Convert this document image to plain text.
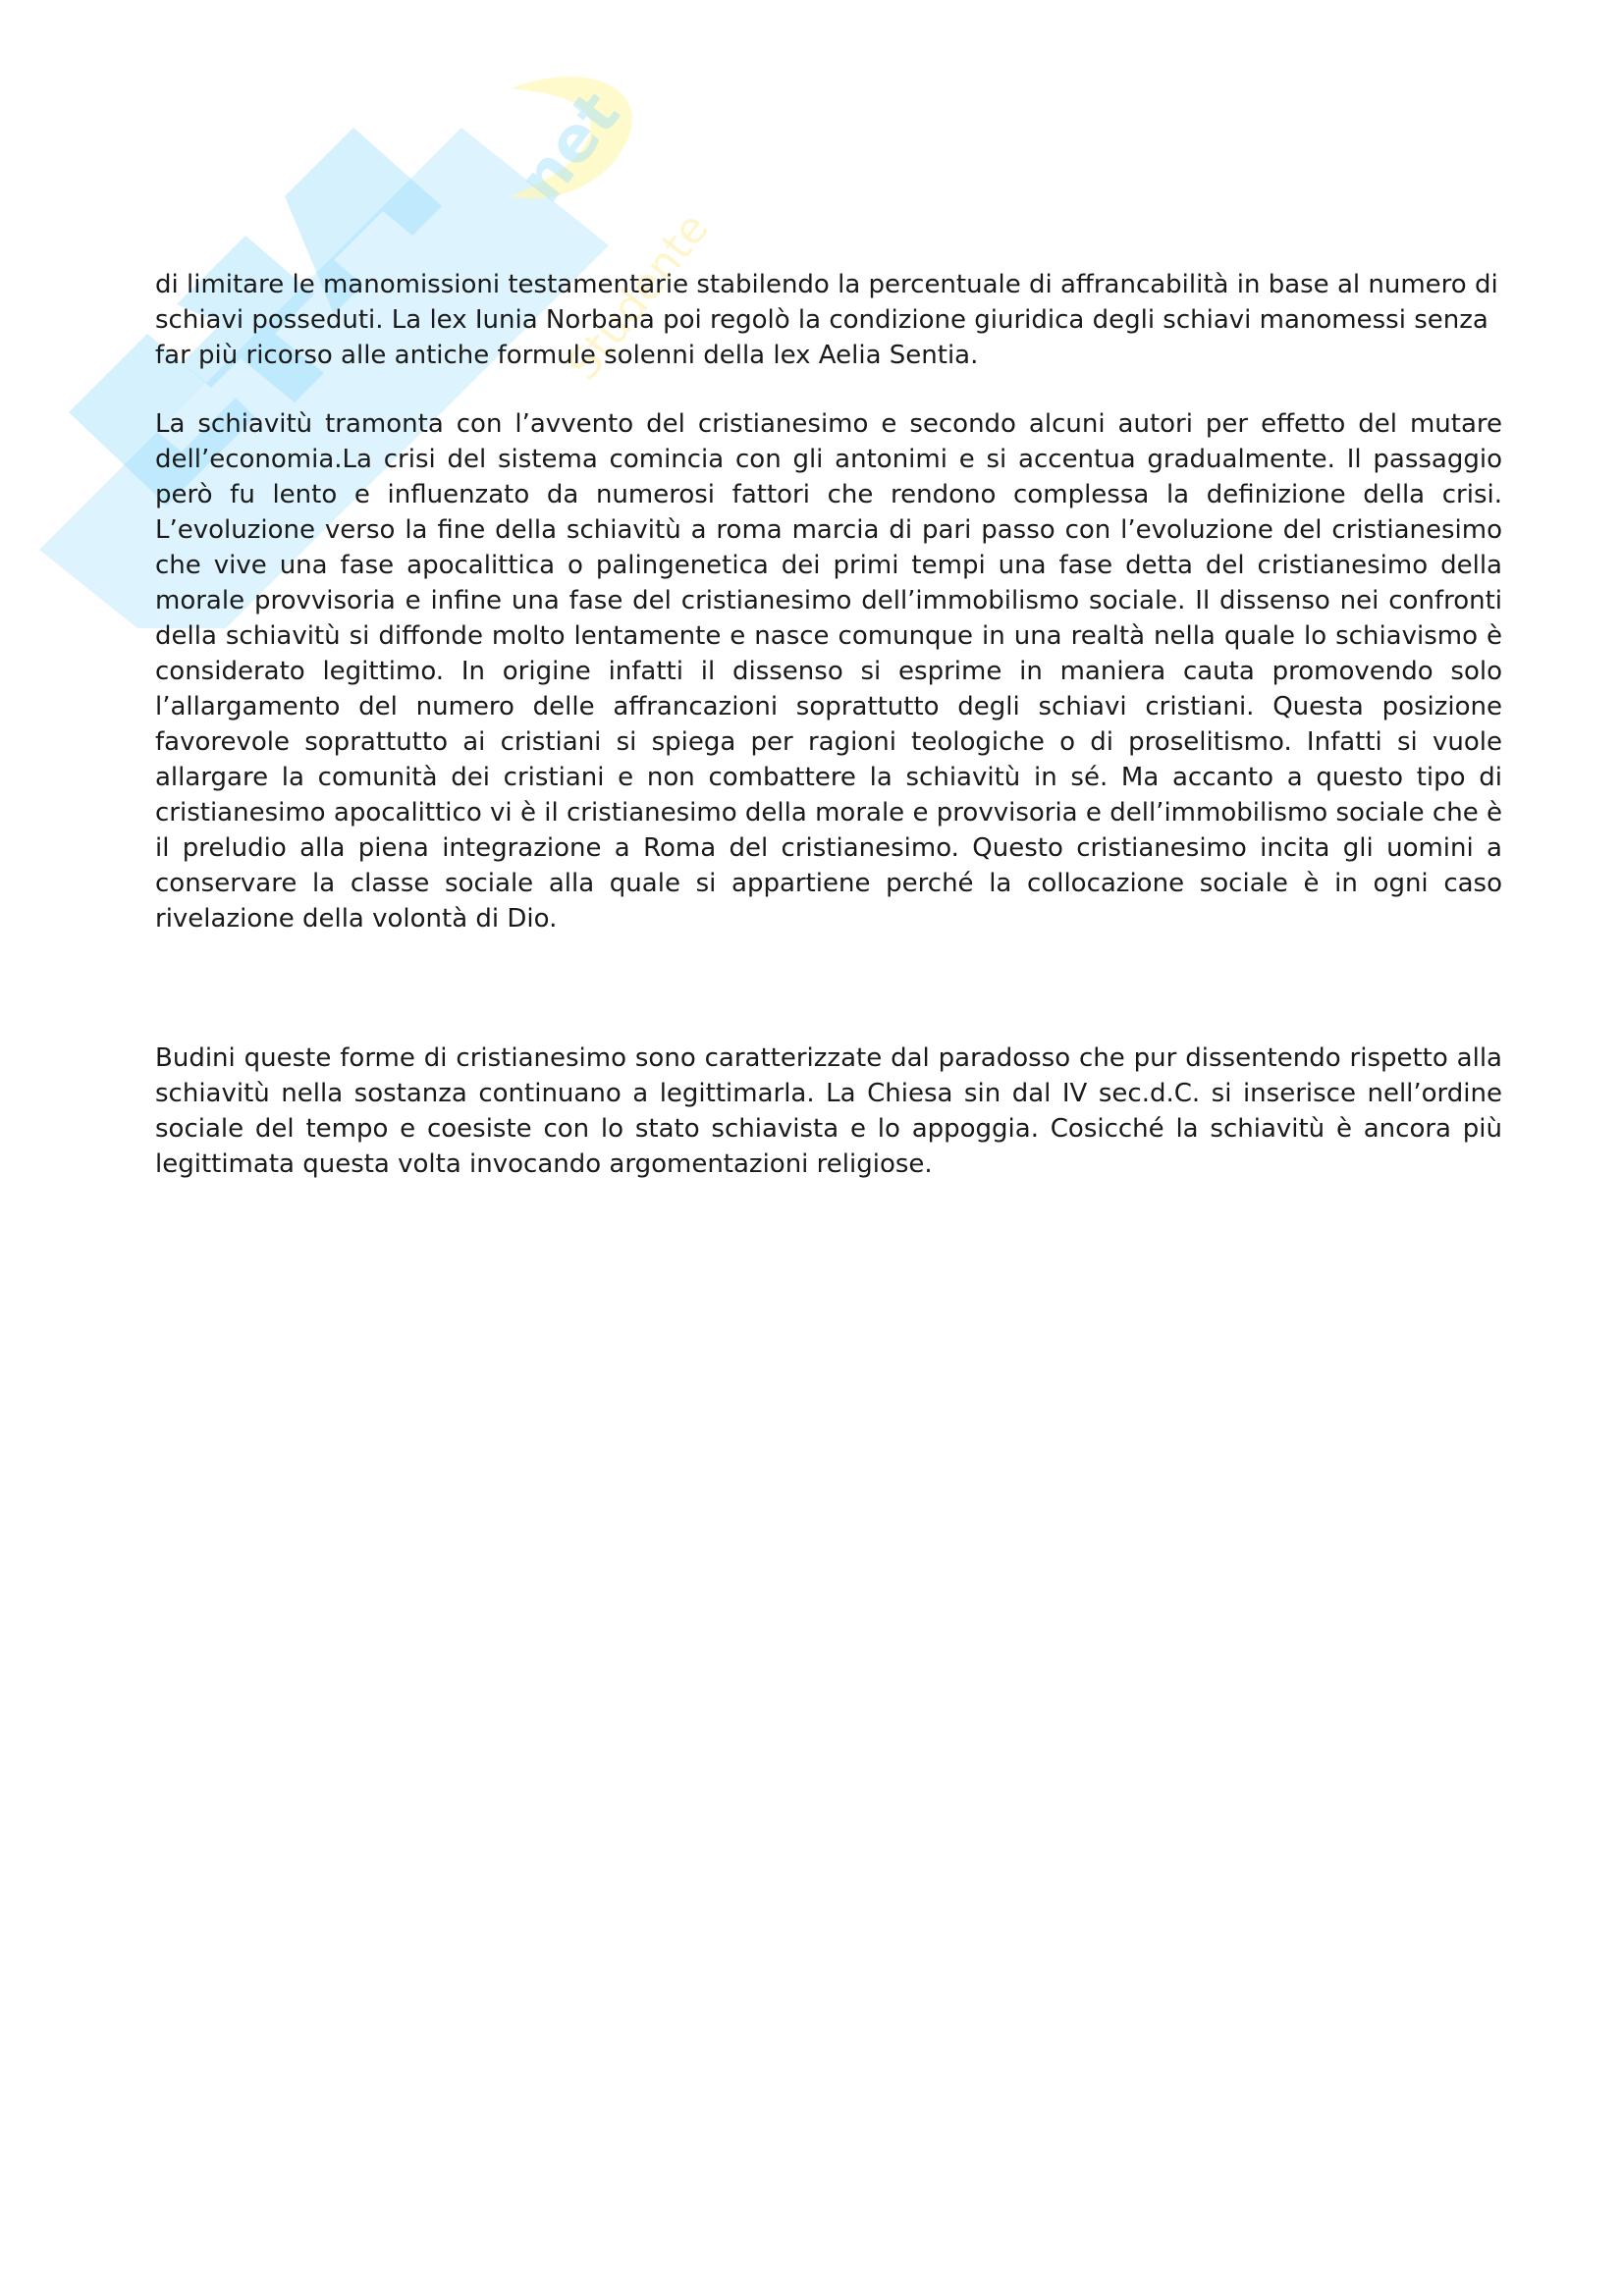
net
Studente

di limitare le manomissioni testamentarie stabilendo la percentuale di affrancabilità in base al numero di schiavi posseduti. La lex Iunia Norbana poi regolò la condizione giuridica degli schiavi manomessi senza far più ricorso alle antiche formule solenni della lex Aelia Sentia.

La schiavitù tramonta con l’avvento del cristianesimo e secondo alcuni autori per effetto del mutare dell’economia.La crisi del sistema comincia con gli antonimi e si accentua gradualmente. Il passaggio però fu lento e influenzato da numerosi fattori che rendono complessa la definizione della crisi. L’evoluzione verso la fine della schiavitù a roma marcia di pari passo con l’evoluzione del cristianesimo che vive una fase apocalittica o palingenetica dei primi tempi una fase detta del cristianesimo della morale provvisoria e infine una fase del cristianesimo dell’immobilismo sociale. Il dissenso nei confronti della schiavitù si diffonde molto lentamente e nasce comunque in una realtà nella quale lo schiavismo è considerato legittimo. In origine infatti il dissenso si esprime in maniera cauta promovendo solo l’allargamento del numero delle affrancazioni soprattutto degli schiavi cristiani. Questa posizione favorevole soprattutto ai cristiani si spiega per ragioni teologiche o di proselitismo. Infatti si vuole allargare la comunità dei cristiani e non combattere la schiavitù in sé. Ma accanto a questo tipo di cristianesimo apocalittico vi è il cristianesimo della morale e provvisoria e dell’immobilismo sociale che è il preludio alla piena integrazione a Roma del cristianesimo. Questo cristianesimo incita gli uomini a conservare la classe sociale alla quale si appartiene perché la collocazione sociale è in ogni caso rivelazione della volontà di Dio.

Budini queste forme di cristianesimo sono caratterizzate dal paradosso che pur dissentendo rispetto alla schiavitù nella sostanza continuano a legittimarla. La Chiesa sin dal IV sec.d.C. si inserisce nell’ordine sociale del tempo e coesiste con lo stato schiavista e lo appoggia. Cosicché la schiavitù è ancora più legittimata questa volta invocando argomentazioni religiose.
